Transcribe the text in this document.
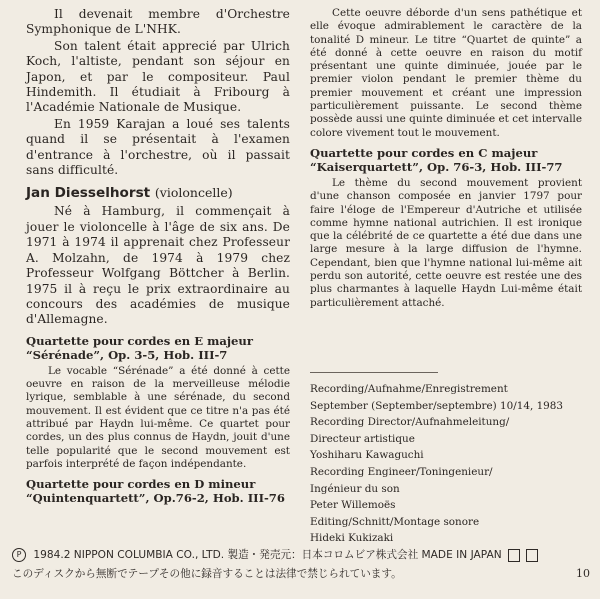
Il devenait membre d'Orchestre Symphonique de L'NHK.

Son talent était apprecié par Ulrich Koch, l'altiste, pendant son séjour en Japon, et par le compositeur. Paul Hindemith. Il étudiait à Fribourg à l'Académie Nationale de Musique.

En 1959 Karajan a loué ses talents quand il se présentait à l'examen d'entrance à l'orchestre, où il passait sans difficulté.

Jan Diesselhorst (violoncelle)

Né à Hamburg, il commençait à jouer le violoncelle à l'âge de six ans. De 1971 à 1974 il apprenait chez Professeur A. Molzahn, de 1974 à 1979 chez Professeur Wolfgang Böttcher à Berlin. 1975 il à reçu le prix extraordinaire au concours des académies de musique d'Allemagne.

Quartette pour cordes en E majeur “Sérénade”, Op. 3-5, Hob. III-7

Le vocable “Sérénade” a été donné à cette oeuvre en raison de la merveilleuse mélodie lyrique, semblable à une sérénade, du second mouvement. Il est évident que ce titre n'a pas été attribué par Haydn lui-même. Ce quartet pour cordes, un des plus connus de Haydn, jouit d'une telle popularité que le second mouvement est parfois interprété de façon indépendante.

Quartette pour cordes en D mineur “Quintenquartett”, Op.76-2, Hob. III-76

Cette oeuvre déborde d'un sens pathétique et elle évoque admirablement le caractère de la tonalité D mineur. Le titre “Quartet de quinte” a été donné à cette oeuvre en raison du motif présentant une quinte diminuée, jouée par le premier violon pendant le premier thème du premier mouvement et créant une impression particulièrement puissante. Le second thème possède aussi une quinte diminuée et cet intervalle colore vivement tout le mouvement.

Quartette pour cordes en C majeur “Kaiserquartett”, Op. 76-3, Hob. III-77

Le thème du second mouvement provient d'une chanson composée en janvier 1797 pour faire l'éloge de l'Empereur d'Autriche et utilisée comme hymne national autrichien. Il est ironique que la célébrité de ce quartette a été due dans une large mesure à la large diffusion de l'hymne. Cependant, bien que l'hymne national lui-même ait perdu son autorité, cette oeuvre est restée une des plus charmantes à laquelle Haydn Lui-même était particulièrement attaché.

Recording/Aufnahme/Enregistrement
September (September/septembre) 10/14, 1983
Recording Director/Aufnahmeleitung/
Directeur artistique
Yoshiharu Kawaguchi
Recording Engineer/Toningenieur/
Ingénieur du son
Peter Willemoës
Editing/Schnitt/Montage sonore
Hideki Kukizaki
P 1984.2 NIPPON COLUMBIA CO., LTD. 製造・発売元：日本コロムビア株式会社 MADE IN JAPAN
このディスクから無断でテープその他に録音することは法律で禁じられています。	10
